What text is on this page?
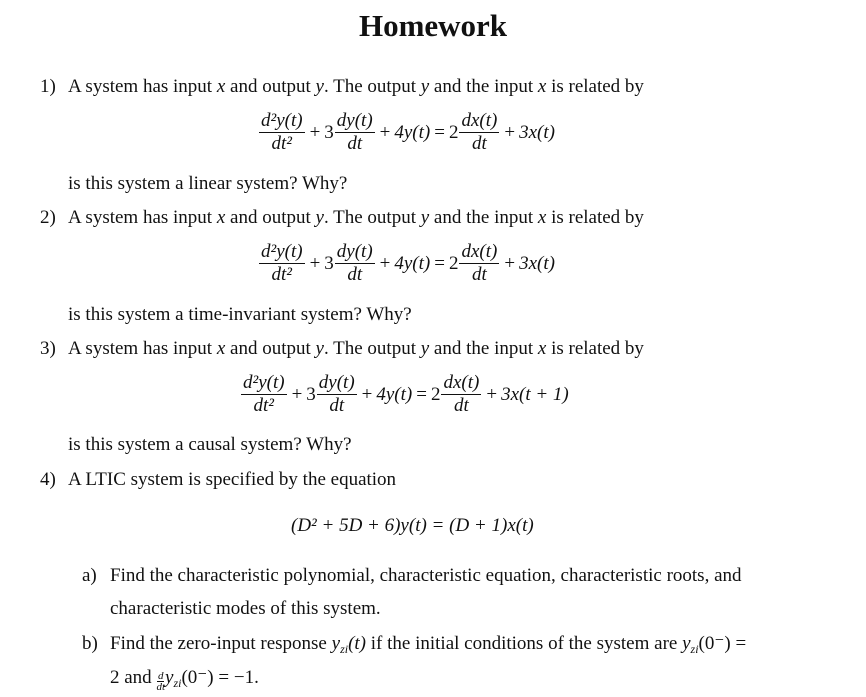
Homework
1) A system has input x and output y. The output y and the input x is related by
$\frac{\text{d²y(t)}}{\text{dt²}} + 3 \frac{dy(t)}{dt} + 4y(t) = 2 \frac{dx(t)}{dt} + 3x(t)$
is this system a linear system? Why?
2) A system has input x and output y. The output y and the input x is related by
$\frac{\text{d²y(t)}}{\text{dt²}} + 3 \frac{dy(t)}{dt} + 4y(t) = 2 \frac{dx(t)}{dt} + 3x(t)$
is this system a time-invariant system? Why?
3) A system has input x and output y. The output y and the input x is related by
$\frac{\text{d²y(t)}}{\text{dt²}} + 3 \frac{dy(t)}{dt} + 4y(t) = 2 \frac{dx(t)}{dt} + 3x(t + 1)$
is this system a causal system? Why?
4) A LTIC system is specified by the equation
(D² + 5D + 6)y(t) = (D + 1)x(t)
a) Find the characteristic polynomial, characteristic equation, characteristic roots, and
characteristic modes of this system.
b) Find the zero-input response $y_{zi}(t)$ if the initial conditions of the system are $y_{zi}(0^-)$ =
2 and $\frac{d}{dt} y_{zi}(0^-) = -1$.
